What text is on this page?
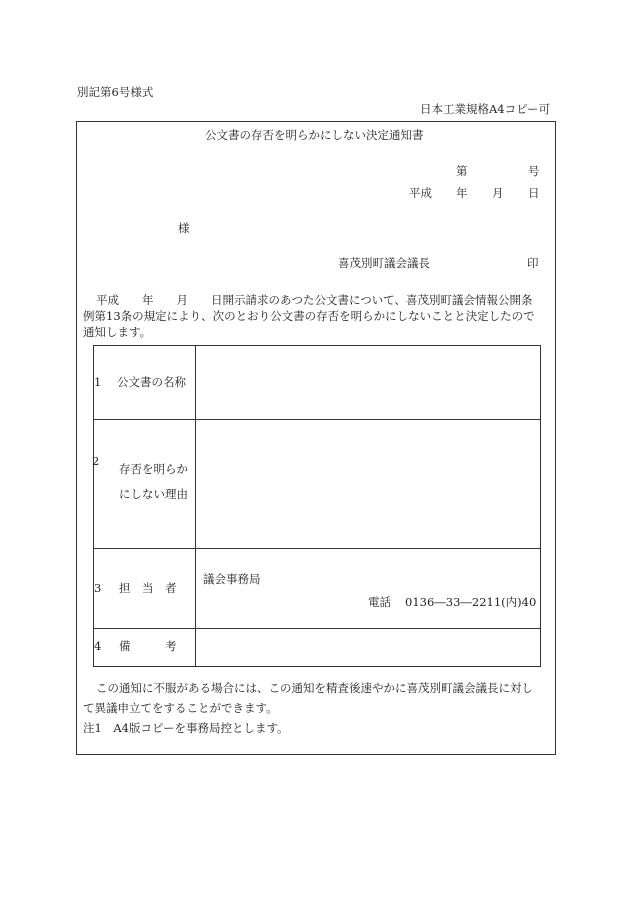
別記第6号様式
日本工業規格A4コピー可
公文書の存否を明らかにしない決定通知書
第	号
平成 年 月 日
様
喜茂別町議会議長	印
平成　　年　　月　　日開示請求のあつた公文書について、喜茂別町議会情報公開条
例第13条の規定により、次のとおり公文書の存否を明らかにしないことと決定したので
通知します。
1 公文書の名称
2
存否を明らか
にしない理由
3 担　当　者
議会事務局
電話 0136―33―2211(内)40
4 備　　　考
この通知に不服がある場合には、この通知を精査後速やかに喜茂別町議会議長に対し
て異議申立てをすることができます。
注1　A4版コピーを事務局控とします。
